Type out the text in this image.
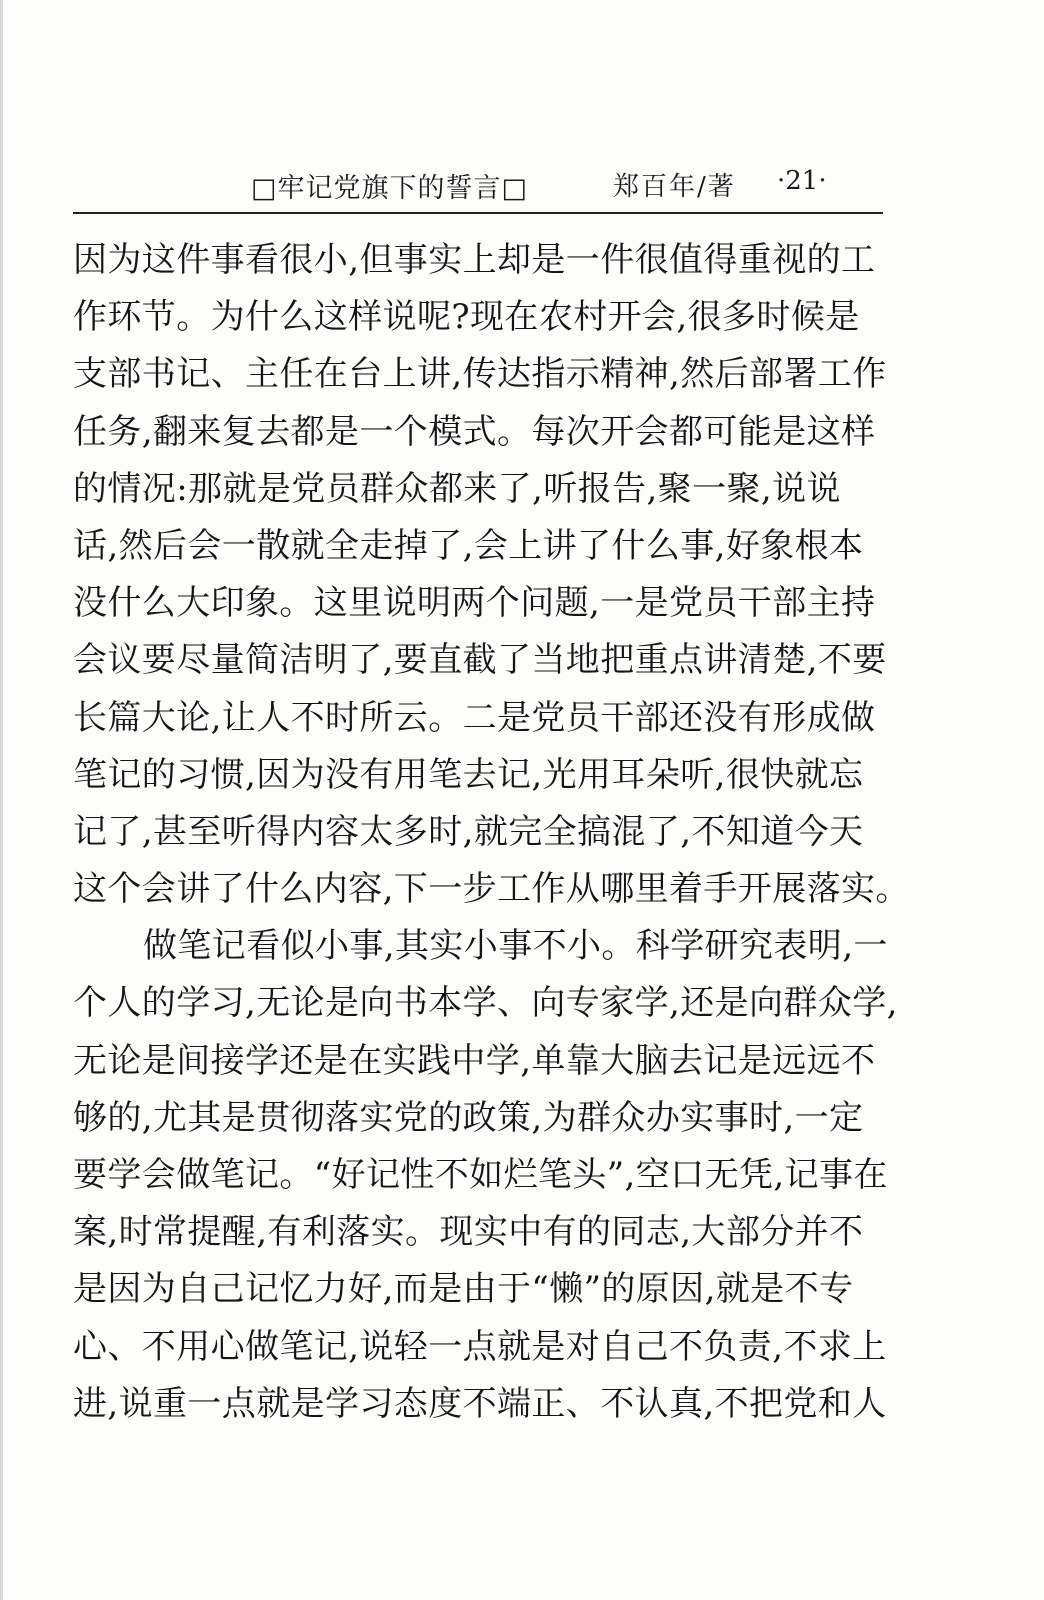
□牢记党旗下的誓言□	郑百年/著 ·21·
因为这件事看很小,但事实上却是一件很值得重视的工
作环节。为什么这样说呢?现在农村开会,很多时候是
支部书记、主任在台上讲,传达指示精神,然后部署工作
任务,翻来复去都是一个模式。每次开会都可能是这样
的情况:那就是党员群众都来了,听报告,聚一聚,说说
话,然后会一散就全走掉了,会上讲了什么事,好象根本
没什么大印象。这里说明两个问题,一是党员干部主持
会议要尽量简洁明了,要直截了当地把重点讲清楚,不要
长篇大论,让人不时所云。二是党员干部还没有形成做
笔记的习惯,因为没有用笔去记,光用耳朵听,很快就忘
记了,甚至听得内容太多时,就完全搞混了,不知道今天
这个会讲了什么内容,下一步工作从哪里着手开展落实。
做笔记看似小事,其实小事不小。科学研究表明,一
个人的学习,无论是向书本学、向专家学,还是向群众学,
无论是间接学还是在实践中学,单靠大脑去记是远远不
够的,尤其是贯彻落实党的政策,为群众办实事时,一定
要学会做笔记。“好记性不如烂笔头”,空口无凭,记事在
案,时常提醒,有利落实。现实中有的同志,大部分并不
是因为自己记忆力好,而是由于“懒”的原因,就是不专
心、不用心做笔记,说轻一点就是对自己不负责,不求上
进,说重一点就是学习态度不端正、不认真,不把党和人
